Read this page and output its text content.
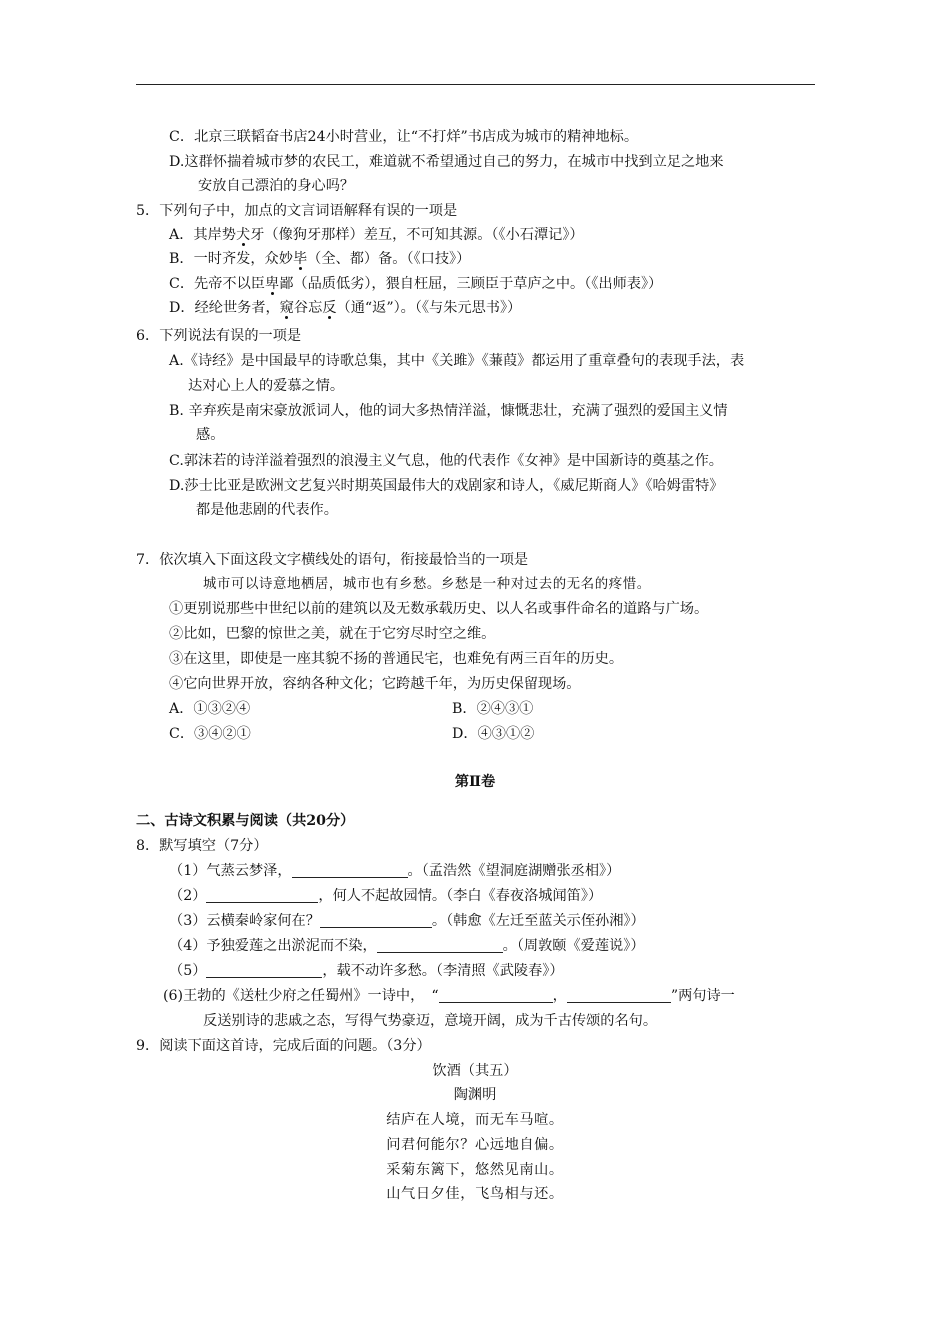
C．北京三联韬奋书店24小时营业，让“不打烊”书店成为城市的精神地标。
D.这群怀揣着城市梦的农民工，难道就不希望通过自己的努力，在城市中找到立足之地来
安放自己漂泊的身心吗？
5．下列句子中，加点的文言词语解释有误的一项是
A．其岸势犬牙（像狗牙那样）差互，不可知其源。（《小石潭记》）
B．一时齐发，众妙毕（全、都）备。（《口技》）
C．先帝不以臣卑鄙（品质低劣），猥自枉屈，三顾臣于草庐之中。（《出师表》）
D．经纶世务者，窥谷忘反（通“返”）。（《与朱元思书》）
6．下列说法有误的一项是
A.《诗经》是中国最早的诗歌总集，其中《关雎》《蒹葭》都运用了重章叠句的表现手法，表
达对心上人的爱慕之情。
B. 辛弃疾是南宋豪放派词人，他的词大多热情洋溢，慷慨悲壮，充满了强烈的爱国主义情
感。
C.郭沫若的诗洋溢着强烈的浪漫主义气息，他的代表作《女神》是中国新诗的奠基之作。
D.莎士比亚是欧洲文艺复兴时期英国最伟大的戏剧家和诗人，《威尼斯商人》《哈姆雷特》
都是他悲剧的代表作。
7．依次填入下面这段文字横线处的语句，衔接最恰当的一项是
城市可以诗意地栖居，城市也有乡愁。乡愁是一种对过去的无名的疼惜。
①更别说那些中世纪以前的建筑以及无数承载历史、以人名或事件命名的道路与广场。
②比如，巴黎的惊世之美，就在于它穷尽时空之维。
③在这里，即使是一座其貌不扬的普通民宅，也难免有两三百年的历史。
④它向世界开放，容纳各种文化；它跨越千年，为历史保留现场。
A．①③②④	B．②④③①
C．③④②①	D．④③①②
第Ⅱ卷
二、古诗文积累与阅读（共20分）
8．默写填空（7分）
（1）气蒸云梦泽，	。（孟浩然《望洞庭湖赠张丞相》）
（2）	，何人不起故园情。（李白《春夜洛城闻笛》）
（3）云横秦岭家何在？	。（韩愈《左迁至蓝关示侄孙湘》）
（4）予独爱莲之出淤泥而不染，	。（周敦颐《爱莲说》）
（5）	，载不动许多愁。（李清照《武陵春》）
(6)王勃的《送杜少府之任蜀州》一诗中，　“	，	”两句诗一
反送别诗的悲戚之态，写得气势豪迈，意境开阔，成为千古传颂的名句。
9．阅读下面这首诗，完成后面的问题。（3分）
饮酒（其五）
陶渊明
结庐在人境，而无车马喧。
问君何能尔？心远地自偏。
采菊东篱下，悠然见南山。
山气日夕佳，飞鸟相与还。
